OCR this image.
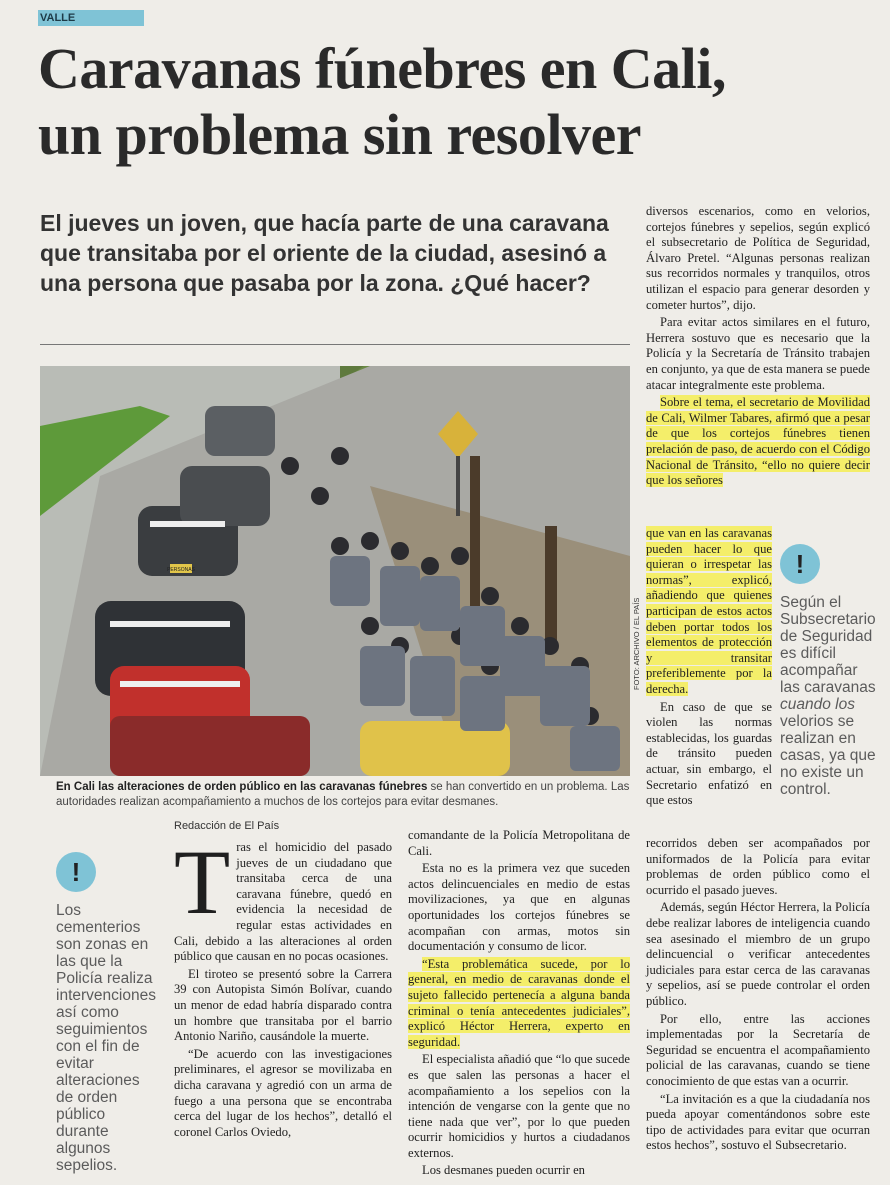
VALLE
Caravanas fúnebres en Cali,
un problema sin resolver

El jueves un joven, que hacía parte de una caravana que transitaba por el oriente de la ciudad, asesinó a una persona que pasaba por la zona. ¿Qué hacer?

PERSONAS
FOTO: ARCHIVO / EL PAÍS
En Cali las alteraciones de orden público en las caravanas fúnebres se han convertido en un problema. Las autoridades realizan acompañamiento a muchos de los cortejos para evitar desmanes.
!
Los cementerios son zonas en las que la Policía realiza intervenciones así como seguimientos con el fin de evitar alteraciones de orden público durante algunos sepelios.
Redacción de El País

Tras el homicidio del pasado jueves de un ciudadano que transitaba cerca de una caravana fúnebre, quedó en evidencia la necesidad de regular estas actividades en Cali, debido a las alteraciones al orden público que causan en no pocas ocasiones.

El tiroteo se presentó sobre la Carrera 39 con Autopista Simón Bolívar, cuando un menor de edad habría disparado contra un hombre que transitaba por el barrio Antonio Nariño, causándole la muerte.

“De acuerdo con las investigaciones preliminares, el agresor se movilizaba en dicha caravana y agredió con un arma de fuego a una persona que se encontraba cerca del lugar de los hechos”, detalló el coronel Carlos Oviedo,

comandante de la Policía Metropolitana de Cali.

Esta no es la primera vez que suceden actos delincuenciales en medio de estas movilizaciones, ya que en algunas oportunidades los cortejos fúnebres se acompañan con armas, motos sin documentación y consumo de licor.

“Esta problemática sucede, por lo general, en medio de caravanas donde el sujeto fallecido pertenecía a alguna banda criminal o tenía antecedentes judiciales”, explicó Héctor Herrera, experto en seguridad.

El especialista añadió que “lo que sucede es que salen las personas a hacer el acompañamiento a los sepelios con la intención de vengarse con la gente que no tiene nada que ver”, por lo que pueden ocurrir homicidios y hurtos a ciudadanos externos.

Los desmanes pueden ocurrir en

diversos escenarios, como en velorios, cortejos fúnebres y sepelios, según explicó el subsecretario de Política de Seguridad, Álvaro Pretel. “Algunas personas realizan sus recorridos normales y tranquilos, otros utilizan el espacio para generar desorden y cometer hurtos”, dijo.

Para evitar actos similares en el futuro, Herrera sostuvo que es necesario que la Policía y la Secretaría de Tránsito trabajen en conjunto, ya que de esta manera se puede atacar integralmente este problema.

Sobre el tema, el secretario de Movilidad de Cali, Wilmer Tabares, afirmó que a pesar de que los cortejos fúnebres tienen prelación de paso, de acuerdo con el Código Nacional de Tránsito, “ello no quiere decir que los señores

que van en las caravanas pueden hacer lo que quieran o irrespetar las normas”, explicó, añadiendo que quienes participan de estos actos deben portar todos los elementos de protección y transitar preferiblemente por la derecha.

En caso de que se violen las normas establecidas, los guardas de tránsito pueden actuar, sin embargo, el Secretario enfatizó en que estos

!
Según el Subsecretario de Seguridad es difícil acompañar las caravanas cuando los velorios se realizan en casas, ya que no existe un control.

recorridos deben ser acompañados por uniformados de la Policía para evitar problemas de orden público como el ocurrido el pasado jueves.

Además, según Héctor Herrera, la Policía debe realizar labores de inteligencia cuando sea asesinado el miembro de un grupo delincuencial o verificar antecedentes judiciales para estar cerca de las caravanas y sepelios, así se puede controlar el orden público.

Por ello, entre las acciones implementadas por la Secretaría de Seguridad se encuentra el acompañamiento policial de las caravanas, cuando se tiene conocimiento de que estas van a ocurrir.

“La invitación es a que la ciudadanía nos pueda apoyar comentándonos sobre este tipo de actividades para evitar que ocurran estos hechos”, sostuvo el Subsecretario.
